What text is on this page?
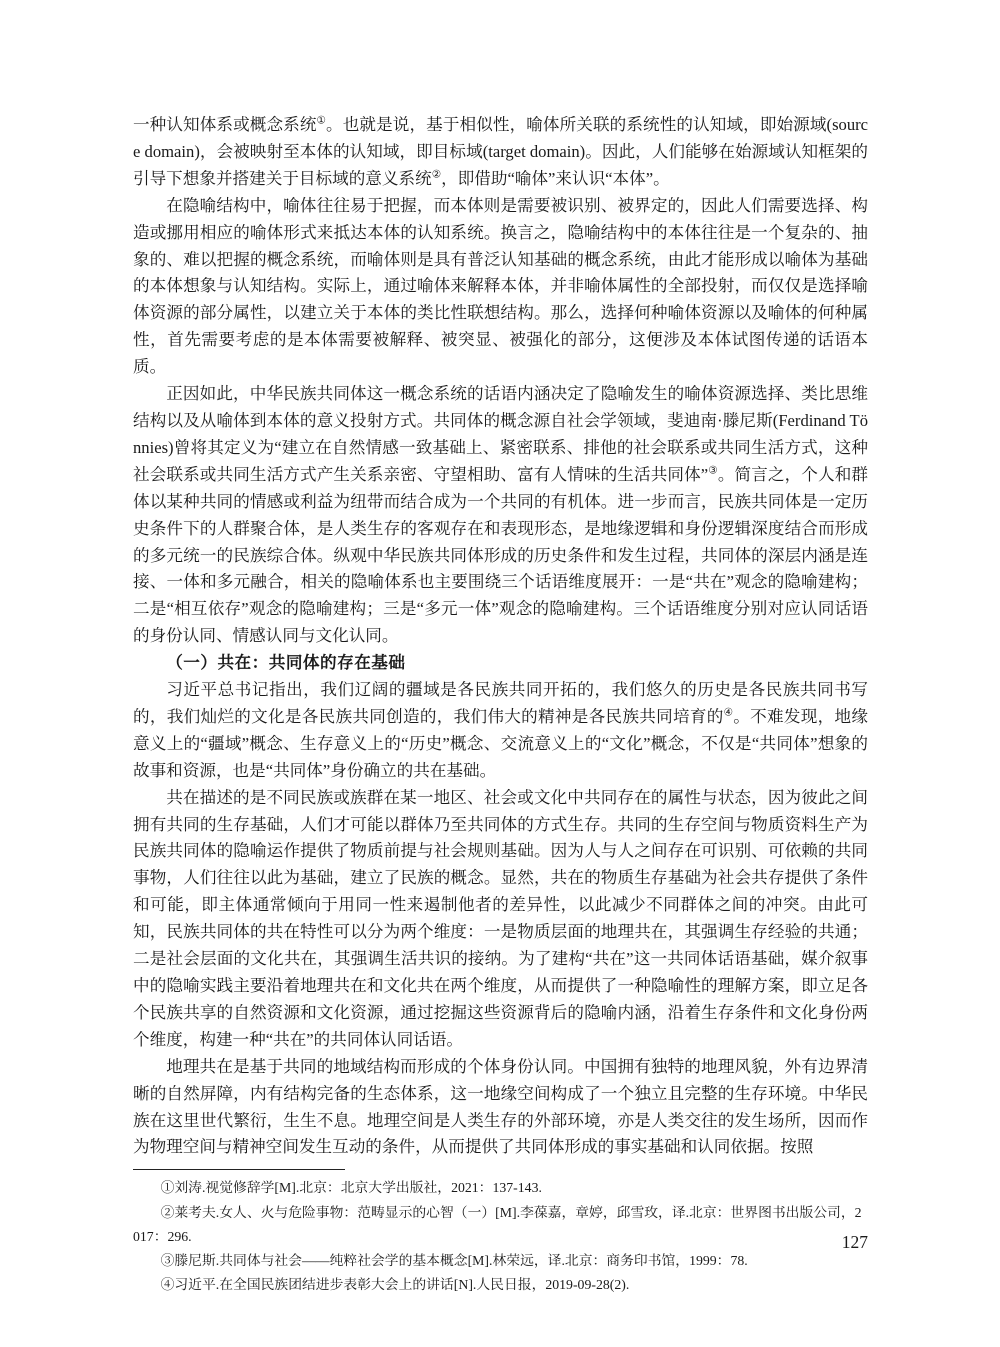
一种认知体系或概念系统①。也就是说，基于相似性，喻体所关联的系统性的认知域，即始源域(source domain)，会被映射至本体的认知域，即目标域(target domain)。因此，人们能够在始源域认知框架的引导下想象并搭建关于目标域的意义系统②，即借助“喻体”来认识“本体”。

在隐喻结构中，喻体往往易于把握，而本体则是需要被识别、被界定的，因此人们需要选择、构造或挪用相应的喻体形式来抵达本体的认知系统。换言之，隐喻结构中的本体往往是一个复杂的、抽象的、难以把握的概念系统，而喻体则是具有普泛认知基础的概念系统，由此才能形成以喻体为基础的本体想象与认知结构。实际上，通过喻体来解释本体，并非喻体属性的全部投射，而仅仅是选择喻体资源的部分属性，以建立关于本体的类比性联想结构。那么，选择何种喻体资源以及喻体的何种属性，首先需要考虑的是本体需要被解释、被突显、被强化的部分，这便涉及本体试图传递的话语本质。

正因如此，中华民族共同体这一概念系统的话语内涵决定了隐喻发生的喻体资源选择、类比思维结构以及从喻体到本体的意义投射方式。共同体的概念源自社会学领域，斐迪南·滕尼斯(Ferdinand Tönnies)曾将其定义为“建立在自然情感一致基础上、紧密联系、排他的社会联系或共同生活方式，这种社会联系或共同生活方式产生关系亲密、守望相助、富有人情味的生活共同体”③。简言之，个人和群体以某种共同的情感或利益为纽带而结合成为一个共同的有机体。进一步而言，民族共同体是一定历史条件下的人群聚合体，是人类生存的客观存在和表现形态，是地缘逻辑和身份逻辑深度结合而形成的多元统一的民族综合体。纵观中华民族共同体形成的历史条件和发生过程，共同体的深层内涵是连接、一体和多元融合，相关的隐喻体系也主要围绕三个话语维度展开：一是“共在”观念的隐喻建构；二是“相互依存”观念的隐喻建构；三是“多元一体”观念的隐喻建构。三个话语维度分别对应认同话语的身份认同、情感认同与文化认同。

（一）共在：共同体的存在基础

习近平总书记指出，我们辽阔的疆域是各民族共同开拓的，我们悠久的历史是各民族共同书写的，我们灿烂的文化是各民族共同创造的，我们伟大的精神是各民族共同培育的④。不难发现，地缘意义上的“疆域”概念、生存意义上的“历史”概念、交流意义上的“文化”概念，不仅是“共同体”想象的故事和资源，也是“共同体”身份确立的共在基础。

共在描述的是不同民族或族群在某一地区、社会或文化中共同存在的属性与状态，因为彼此之间拥有共同的生存基础，人们才可能以群体乃至共同体的方式生存。共同的生存空间与物质资料生产为民族共同体的隐喻运作提供了物质前提与社会规则基础。因为人与人之间存在可识别、可依赖的共同事物，人们往往以此为基础，建立了民族的概念。显然，共在的物质生存基础为社会共存提供了条件和可能，即主体通常倾向于用同一性来遏制他者的差异性，以此减少不同群体之间的冲突。由此可知，民族共同体的共在特性可以分为两个维度：一是物质层面的地理共在，其强调生存经验的共通；二是社会层面的文化共在，其强调生活共识的接纳。为了建构“共在”这一共同体话语基础，媒介叙事中的隐喻实践主要沿着地理共在和文化共在两个维度，从而提供了一种隐喻性的理解方案，即立足各个民族共享的自然资源和文化资源，通过挖掘这些资源背后的隐喻内涵，沿着生存条件和文化身份两个维度，构建一种“共在”的共同体认同话语。

地理共在是基于共同的地域结构而形成的个体身份认同。中国拥有独特的地理风貌，外有边界清晰的自然屏障，内有结构完备的生态体系，这一地缘空间构成了一个独立且完整的生存环境。中华民族在这里世代繁衍，生生不息。地理空间是人类生存的外部环境，亦是人类交往的发生场所，因而作为物理空间与精神空间发生互动的条件，从而提供了共同体形成的事实基础和认同依据。按照

①刘涛.视觉修辞学[M].北京：北京大学出版社，2021：137-143.

②莱考夫.女人、火与危险事物：范畴显示的心智（一）[M].李葆嘉，章婷，邱雪玫，译.北京：世界图书出版公司，2017：296.

③滕尼斯.共同体与社会——纯粹社会学的基本概念[M].林荣远，译.北京：商务印书馆，1999：78.

④习近平.在全国民族团结进步表彰大会上的讲话[N].人民日报，2019-09-28(2).

127
